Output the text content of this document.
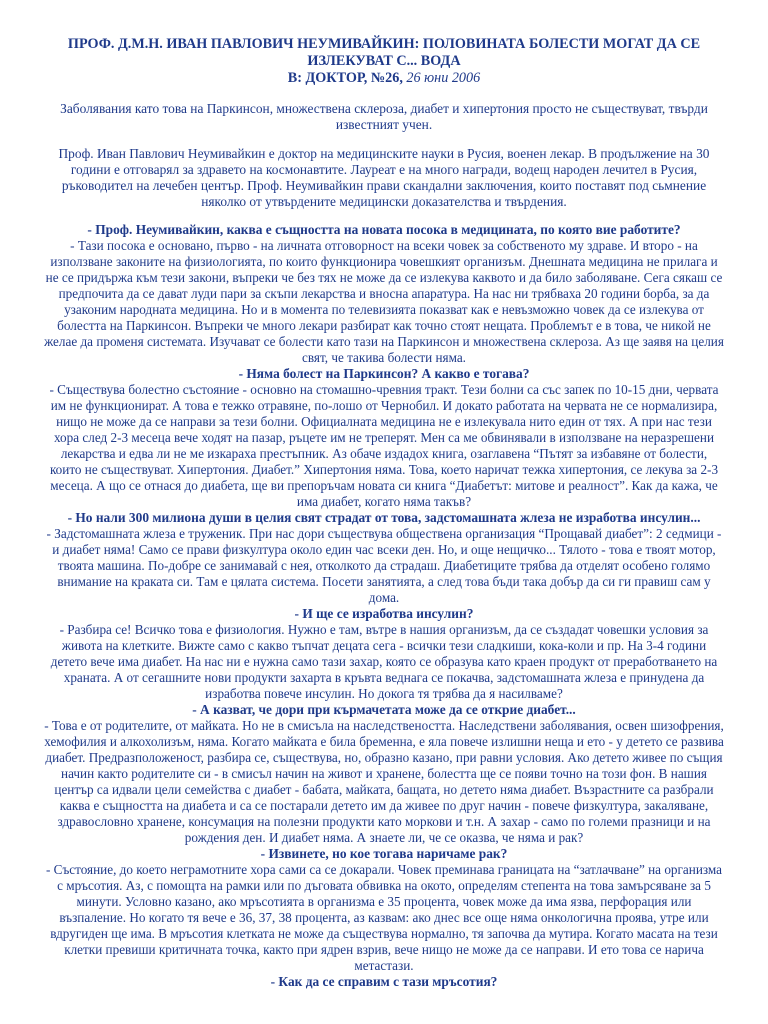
ПРОФ. Д.М.Н. ИВАН ПАВЛОВИЧ НЕУМИВАЙКИН: ПОЛОВИНАТА БОЛЕСТИ МОГАТ ДА СЕ ИЗЛЕКУВАТ С... ВОДА

В: ДОКТОР, №26, 26 юни 2006

Заболявания като това на Паркинсон, множествена склероза, диабет и хипертония просто не съществуват, твърди известният учен.

Проф. Иван Павлович Неумивайкин е доктор на медицинските науки в Русия, военен лекар. В продължение на 30 години е отговарял за здравето на космонавтите. Лауреат е на много награди, водещ народен лечител в Русия, ръководител на лечебен център. Проф. Неумивайкин прави скандални заключения, които поставят под сьмнение няколко от утвърдените медицински доказателства и твърдения.

- Проф. Неумивайкин, каква е същността на новата посока в медицината, по която вие работите?

- Тази посока е основано, първо - на личната отговорност на всеки човек за собственото му здраве. И второ - на използване законите на физиологията, по които функционира човешкият организъм. Днешната медицина не прилага и не се придържа към тези закони, въпреки че без тях не може да се излекува каквото и да било заболяване. Сега сякаш се предпочита да се дават луди пари за скъпи лекарства и вносна апаратура. На нас ни трябваха 20 години борба, за да узаконим народната медицина. Но и в момента по телевизията показват как е невъзможно човек да се излекува от болестта на Паркинсон. Въпреки че много лекари разбират как точно стоят нещата. Проблемът е в това, че никой не желае да променя системата. Изучават се болести като тази на Паркинсон и множествена склероза. Аз ще заявя на целия свят, че такива болести няма.

- Няма болест на Паркинсон? А какво е тогава?

- Съществува болестно състояние - основно на стомашно-чревния тракт. Тези болни са със запек по 10-15 дни, червата им не функционират. А това е тежко отравяне, по-лошо от Чернобил. И докато работата на червата не се нормализира, нищо не може да се направи за тези болни. Официалната медицина не е излекувала нито един от тях. А при нас тези хора след 2-3 месеца вече ходят на пазар, ръцете им не треперят. Мен са ме обвинявали в използване на неразрешени лекарства и едва ли не ме изкараха престъпник. Аз обаче издадох книга, озаглавена “Пътят за избавяне от болести, които не съществуват. Хипертония. Диабет.” Хипертония няма. Това, което наричат тежка хипертония, се лекува за 2-3 месеца. А що се отнася до диабета, ще ви препоръчам новата си книга “Диабетът: митове и реалност”. Как да кажа, че има диабет, когато няма такъв?

- Но нали 300 милиона души в целия свят страдат от това, задстомашната жлеза не изработва инсулин...

- Задстомашната жлеза е труженик. При нас дори съществува обществена организация “Прощавай диабет”: 2 седмици - и диабет няма! Само се прави физкултура около един час всеки ден. Но, и още нещичко... Тялото - това е твоят мотор, твоята машина. По-добре се занимавай с нея, отколкото да страдаш. Диабетиците трябва да отделят особено голямо внимание на краката си. Там е цялата система. Посети занятията, а след това бъди така добър да си ги правиш сам у дома.

- И ще се изработва инсулин?

- Разбира се! Всичко това е физиология. Нужно е там, вътре в нашия организъм, да се създадат човешки условия за живота на клетките. Вижте само с какво тъпчат децата сега - всички тези сладкиши, кока-коли и пр. На 3-4 години детето вече има диабет. На нас ни е нужна само тази захар, която се образува като краен продукт от преработването на храната. А от сегашните нови продукти захарта в кръвта веднага се покачва, задстомашната жлеза е принудена да изработва повече инсулин. Но докога тя трябва да я насилваме?

- А казват, че дори при кърмачетата може да се открие диабет...

- Това е от родителите, от майката. Но не в смисъла на наследствеността. Наследствени заболявания, освен шизофрения, хемофилия и алкохолизъм, няма. Когато майката е била бременна, е яла повече излишни неща и ето - у детето се развива диабет. Предразположеност, разбира се, съществува, но, образно казано, при равни условия. Ако детето живее по същия начин както родителите си - в смисъл начин на живот и хранене, болестта ще се появи точно на този фон. В нашия център са идвали цели семейства с диабет - бабата, майката, бащата, но детето няма диабет. Възрастните са разбрали каква е същността на диабета и са се постарали детето им да живее по друг начин - повече физкултура, закаляване, здравословно хранене, консумация на полезни продукти като моркови и т.н. А захар - само по големи празници и на рождения ден. И диабет няма. А знаете ли, че се оказва, че няма и рак?

- Извинете, но кое тогава наричаме рак?

- Състояние, до което неграмотните хора сами са се докарали. Човек преминава границата на “затлачване” на организма с мръсотия. Аз, с помощта на рамки или по дъговата обвивка на окото, определям степента на това замърсяване за 5 минути. Условно казано, ако мръсотията в организма е 35 процента, човек може да има язва, перфорация или възпаление. Но когато тя вече е 36, 37, 38 процента, аз казвам: ако днес все още няма онкологична проява, утре или вдругиден ще има. В мръсотия клетката не може да съществува нормално, тя започва да мутира. Когато масата на тези клетки превиши критичната точка, както при ядрен взрив, вече нищо не може да се направи. И ето това се нарича метастази.

- Как да се справим с тази мръсотия?
